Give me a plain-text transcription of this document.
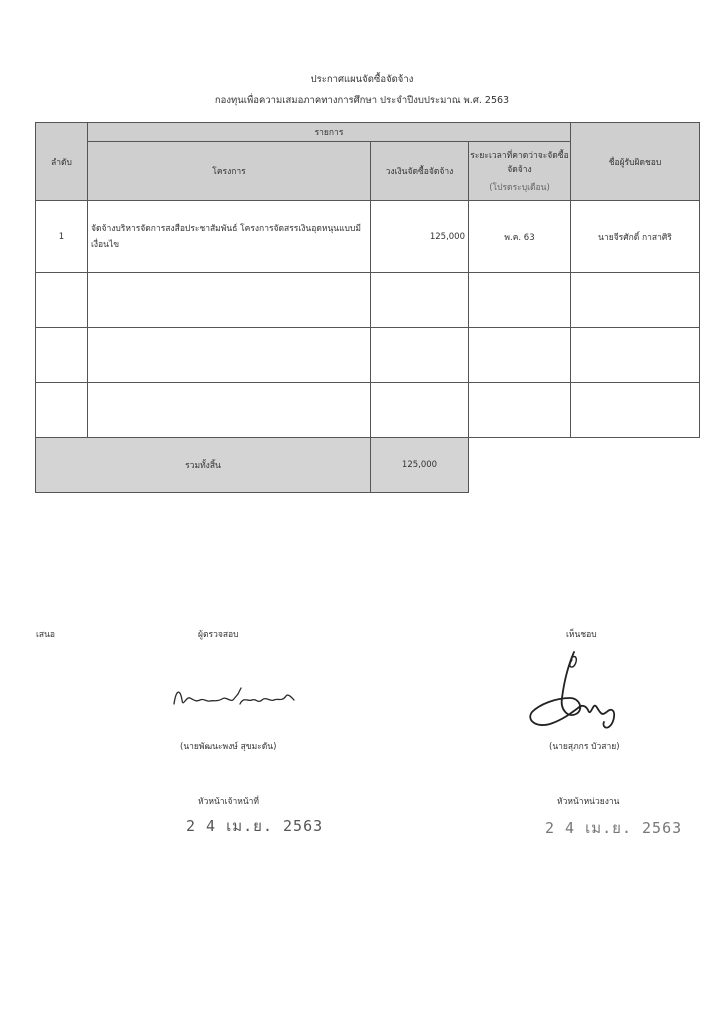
ประกาศแผนจัดซื้อจัดจ้าง
กองทุนเพื่อความเสมอภาคทางการศึกษา ประจำปีงบประมาณ พ.ศ. 2563
ลำดับ	รายการ			ชื่อผู้รับผิดชอบ
	โครงการ	วงเงินจัดซื้อจัดจ้าง	ระยะเวลาที่คาดว่าจะจัดซื้อจัดจ้าง
(โปรดระบุเดือน)	

1	จัดจ้างบริหารจัดการสงสือประชาสัมพันธ์ โครงการจัดสรรเงินอุดหนุนแบบมีเงื่อนไข	125,000	พ.ค. 63	นายจีรศักดิ์ กาสาศิริ

รวมทั้งสิ้น		125,000		
เสนอ	ผู้ตรวจสอบ	เห็นชอบ
(นายพัฒนะพงษ์ สุขมะดัน)	(นายสุภกร บัวสาย)
หัวหน้าเจ้าหน้าที่	หัวหน้าหน่วยงาน
2 4 เม.ย. 2563	2 4 เม.ย. 2563
